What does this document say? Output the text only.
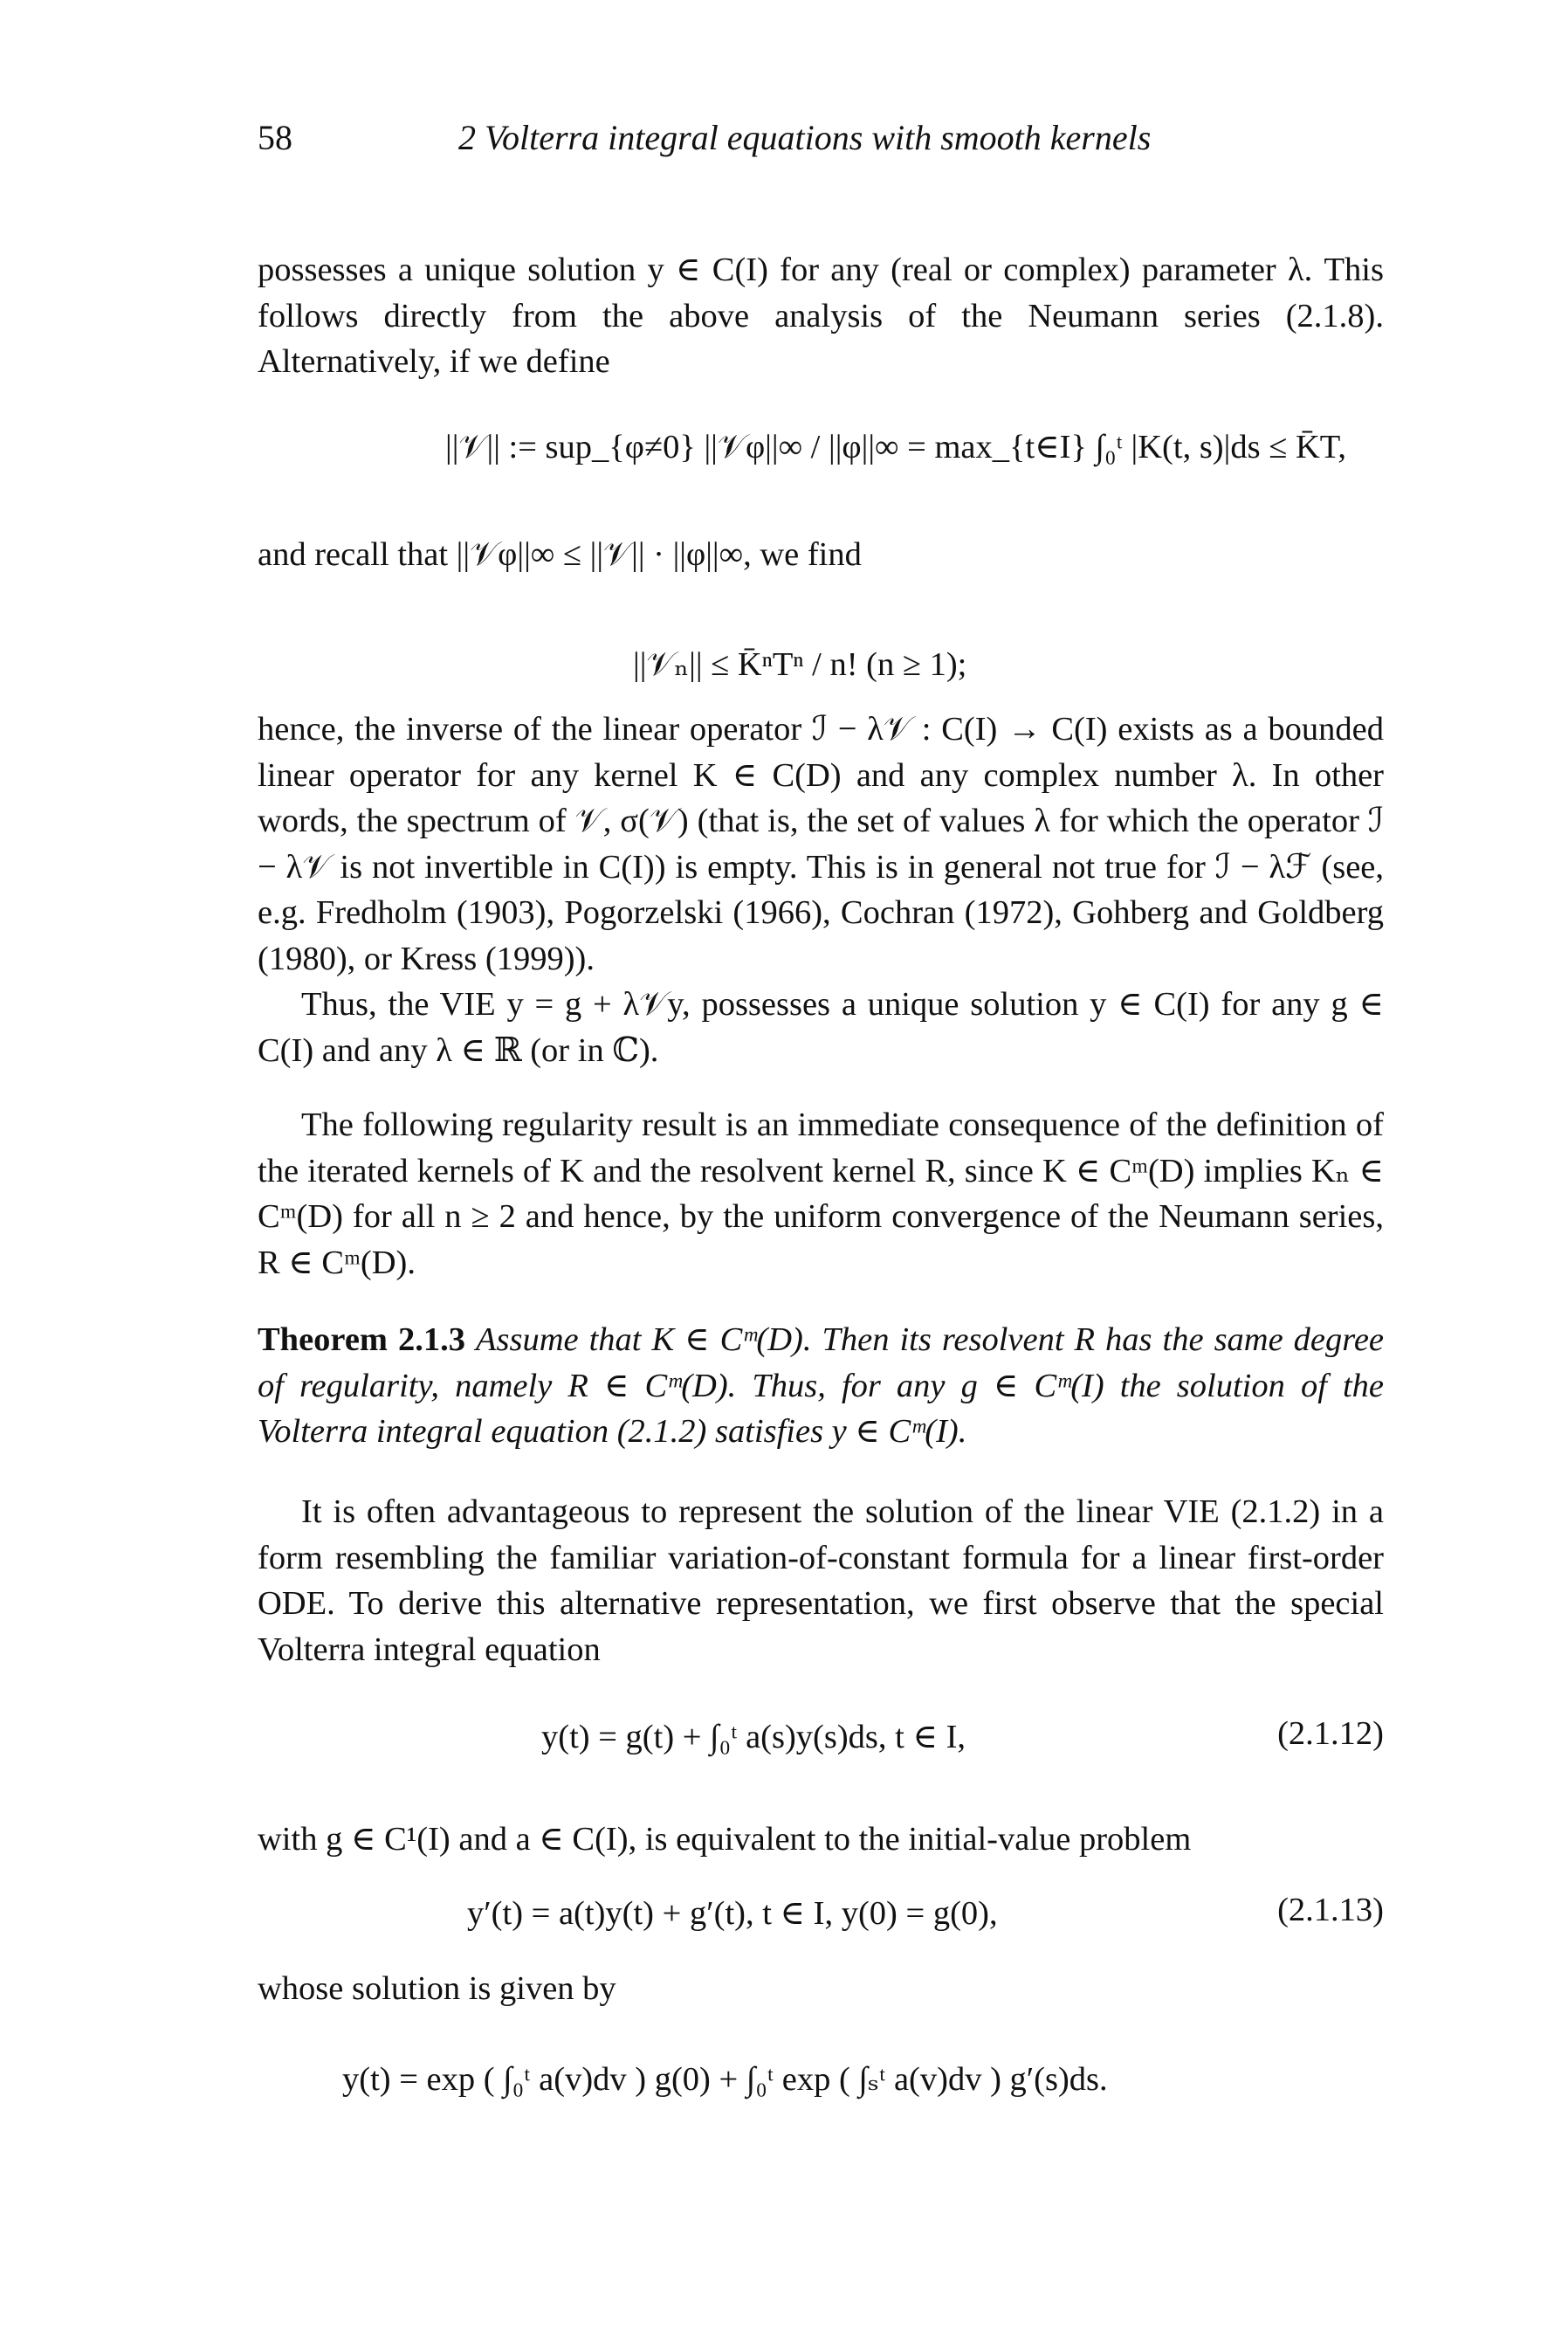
58	2 Volterra integral equations with smooth kernels

possesses a unique solution y ∈ C(I) for any (real or complex) parameter λ. This follows directly from the above analysis of the Neumann series (2.1.8). Alternatively, if we define

||𝒱|| := sup_{φ≠0} ||𝒱φ||∞ / ||φ||∞ = max_{t∈I} ∫₀ᵗ |K(t, s)|ds ≤ K̄T,

and recall that ||𝒱φ||∞ ≤ ||𝒱|| · ||φ||∞, we find

||𝒱ₙ|| ≤ K̄ⁿTⁿ / n! (n ≥ 1);

hence, the inverse of the linear operator ℐ − λ𝒱 : C(I) → C(I) exists as a bounded linear operator for any kernel K ∈ C(D) and any complex number λ. In other words, the spectrum of 𝒱, σ(𝒱) (that is, the set of values λ for which the operator ℐ − λ𝒱 is not invertible in C(I)) is empty. This is in general not true for ℐ − λℱ (see, e.g. Fredholm (1903), Pogorzelski (1966), Cochran (1972), Gohberg and Goldberg (1980), or Kress (1999)).

Thus, the VIE y = g + λ𝒱y, possesses a unique solution y ∈ C(I) for any g ∈ C(I) and any λ ∈ ℝ (or in ℂ).

The following regularity result is an immediate consequence of the definition of the iterated kernels of K and the resolvent kernel R, since K ∈ Cᵐ(D) implies Kₙ ∈ Cᵐ(D) for all n ≥ 2 and hence, by the uniform convergence of the Neumann series, R ∈ Cᵐ(D).

Theorem 2.1.3 Assume that K ∈ Cᵐ(D). Then its resolvent R has the same degree of regularity, namely R ∈ Cᵐ(D). Thus, for any g ∈ Cᵐ(I) the solution of the Volterra integral equation (2.1.2) satisfies y ∈ Cᵐ(I).

It is often advantageous to represent the solution of the linear VIE (2.1.2) in a form resembling the familiar variation-of-constant formula for a linear first-order ODE. To derive this alternative representation, we first observe that the special Volterra integral equation

y(t) = g(t) + ∫₀ᵗ a(s)y(s)ds, t ∈ I,	(2.1.12)

with g ∈ C¹(I) and a ∈ C(I), is equivalent to the initial-value problem

y′(t) = a(t)y(t) + g′(t), t ∈ I, y(0) = g(0),	(2.1.13)

whose solution is given by

y(t) = exp ( ∫₀ᵗ a(v)dv ) g(0) + ∫₀ᵗ exp ( ∫ₛᵗ a(v)dv ) g′(s)ds.
